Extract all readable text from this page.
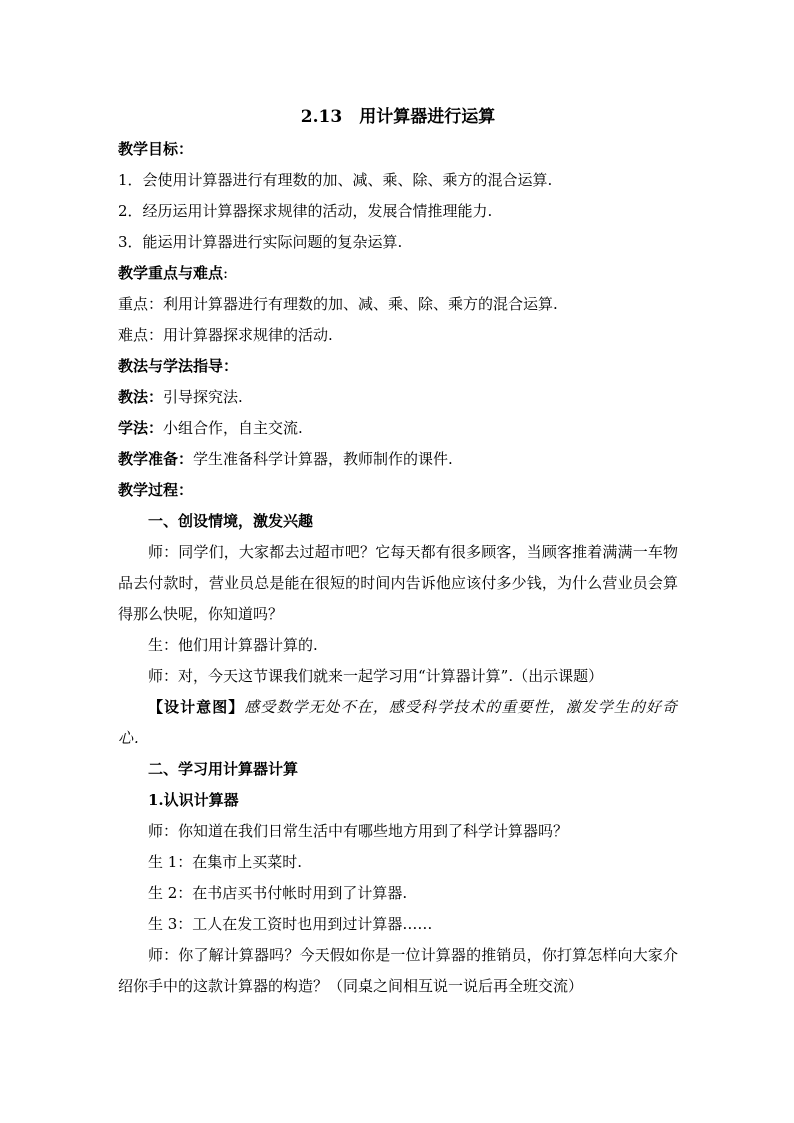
2.13　用计算器进行运算
教学目标：
1．会使用计算器进行有理数的加、减、乘、除、乘方的混合运算.
2．经历运用计算器探求规律的活动，发展合情推理能力.
3．能运用计算器进行实际问题的复杂运算.
教学重点与难点:
重点：利用计算器进行有理数的加、减、乘、除、乘方的混合运算.
难点：用计算器探求规律的活动.
教法与学法指导：
教法：引导探究法.
学法：小组合作，自主交流.
教学准备：学生准备科学计算器，教师制作的课件.
教学过程：
一、创设情境，激发兴趣
师：同学们，大家都去过超市吧？它每天都有很多顾客，当顾客推着满满一车物品去付款时，营业员总是能在很短的时间内告诉他应该付多少钱，为什么营业员会算得那么快呢，你知道吗？
生：他们用计算器计算的.
师：对，今天这节课我们就来一起学习用“计算器计算”.（出示课题）
【设计意图】感受数学无处不在，感受科学技术的重要性，激发学生的好奇心.
二、学习用计算器计算
1.认识计算器
师：你知道在我们日常生活中有哪些地方用到了科学计算器吗？
生 1：在集市上买菜时.
生 2：在书店买书付帐时用到了计算器.
生 3：工人在发工资时也用到过计算器……
师：你了解计算器吗？今天假如你是一位计算器的推销员，你打算怎样向大家介绍你手中的这款计算器的构造？（同桌之间相互说一说后再全班交流）
